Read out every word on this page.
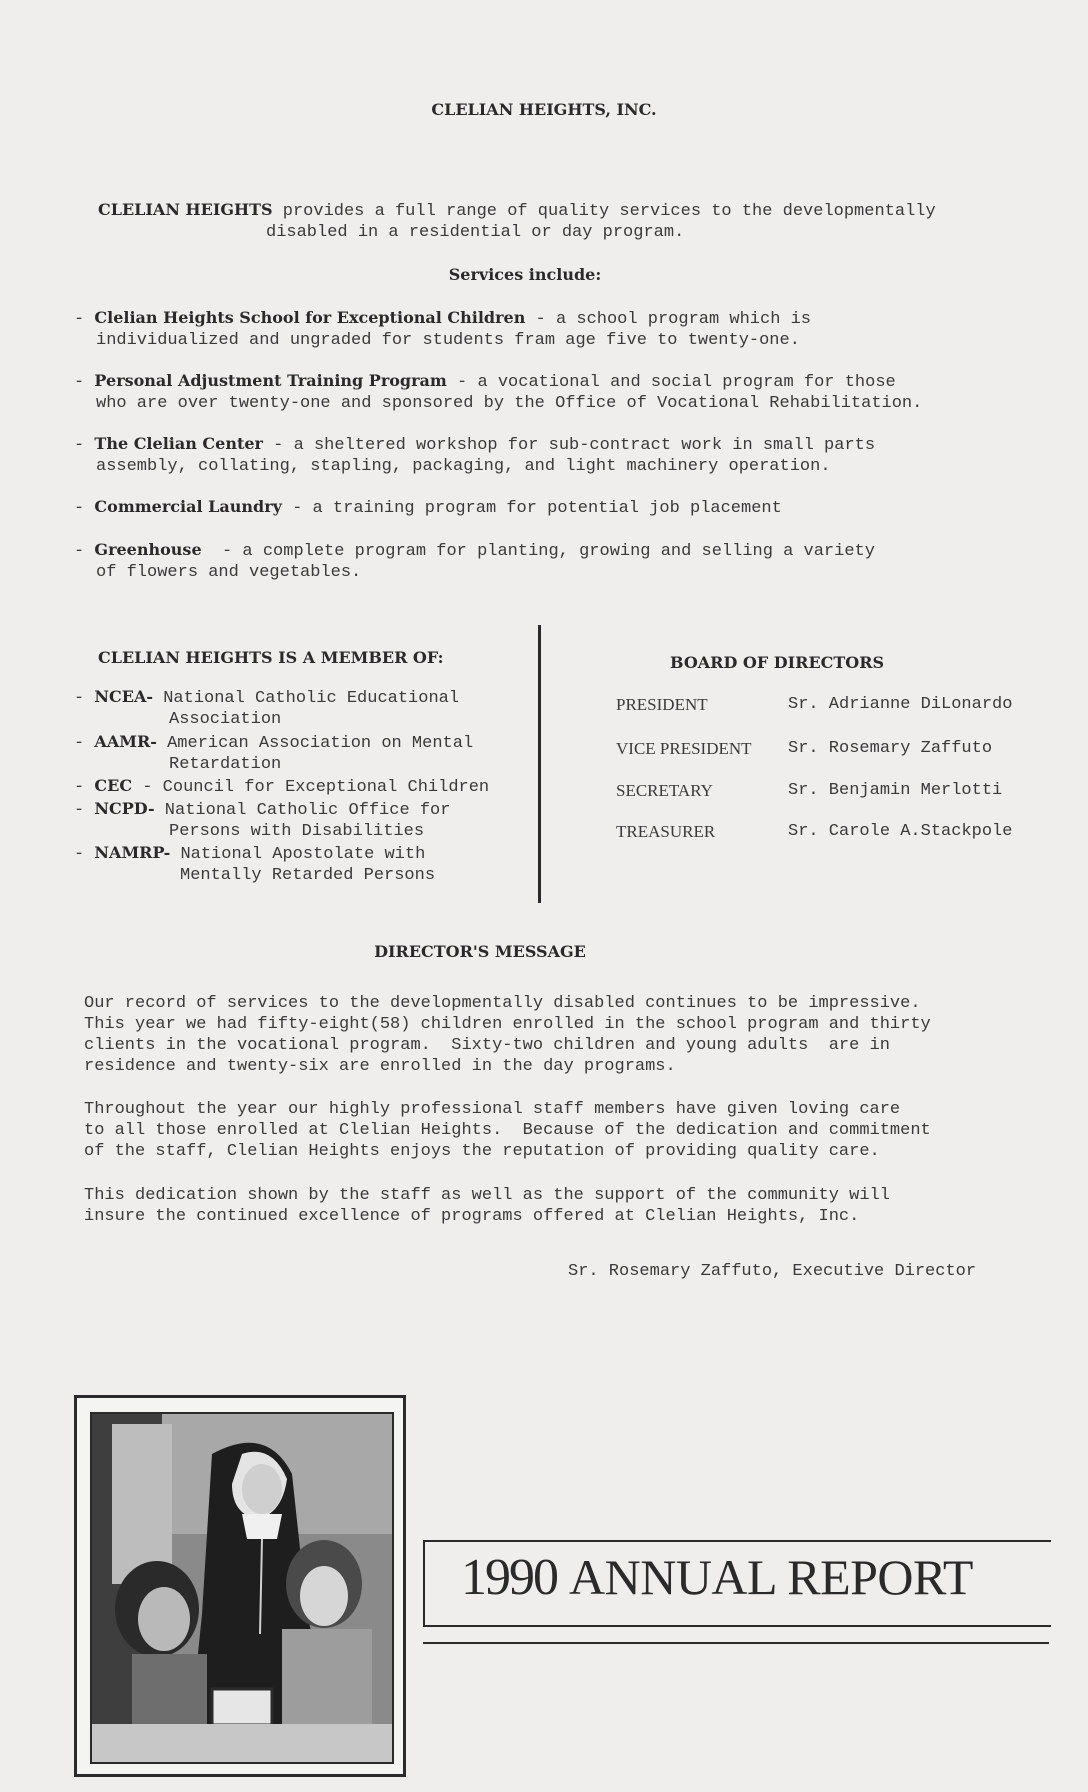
CLELIAN HEIGHTS, INC.
CLELIAN HEIGHTS provides a full range of quality services to the developmentally
disabled in a residential or day program.
Services include:
- Clelian Heights School for Exceptional Children - a school program which is
individualized and ungraded for students fram age five to twenty-one.
- Personal Adjustment Training Program - a vocational and social program for those
who are over twenty-one and sponsored by the Office of Vocational Rehabilitation.
- The Clelian Center - a sheltered workshop for sub-contract work in small parts
assembly, collating, stapling, packaging, and light machinery operation.
- Commercial Laundry - a training program for potential job placement
- Greenhouse  - a complete program for planting, growing and selling a variety
of flowers and vegetables.
CLELIAN HEIGHTS IS A MEMBER OF:
- NCEA- National Catholic Educational
Association
- AAMR- American Association on Mental
Retardation
- CEC - Council for Exceptional Children
- NCPD- National Catholic Office for
Persons with Disabilities
- NAMRP- National Apostolate with
Mentally Retarded Persons
BOARD OF DIRECTORS
PRESIDENT	Sr. Adrianne DiLonardo
VICE PRESIDENT Sr. Rosemary Zaffuto
SECRETARY	Sr. Benjamin Merlotti
TREASURER	Sr. Carole A.Stackpole
DIRECTOR'S MESSAGE
Our record of services to the developmentally disabled continues to be impressive.
This year we had fifty-eight(58) children enrolled in the school program and thirty
clients in the vocational program.  Sixty-two children and young adults  are in
residence and twenty-six are enrolled in the day programs.
Throughout the year our highly professional staff members have given loving care
to all those enrolled at Clelian Heights.  Because of the dedication and commitment
of the staff, Clelian Heights enjoys the reputation of providing quality care.
This dedication shown by the staff as well as the support of the community will
insure the continued excellence of programs offered at Clelian Heights, Inc.
Sr. Rosemary Zaffuto, Executive Director
1990 ANNUAL REPORT
